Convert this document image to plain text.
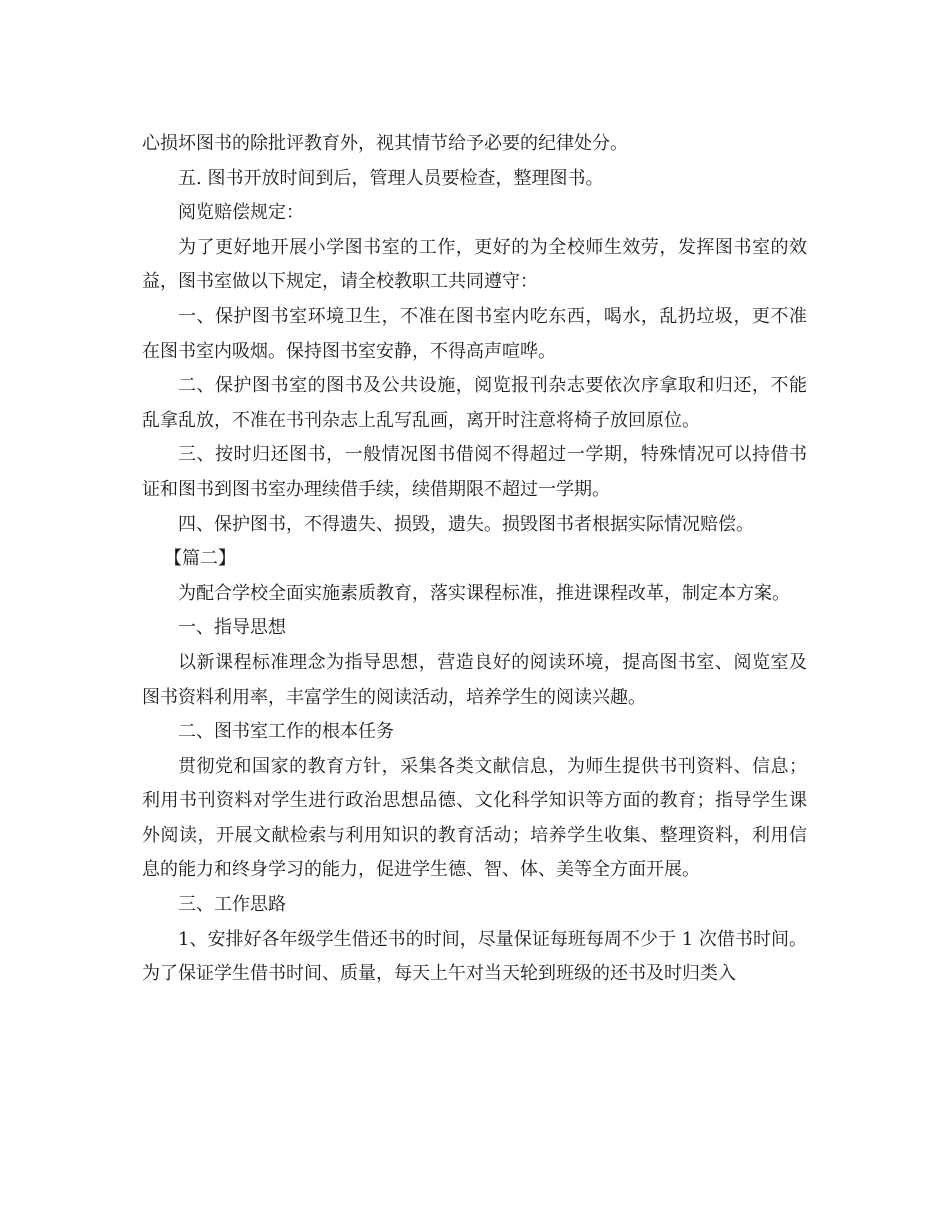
心损坏图书的除批评教育外，视其情节给予必要的纪律处分。

五. 图书开放时间到后，管理人员要检查，整理图书。

阅览赔偿规定：

为了更好地开展小学图书室的工作，更好的为全校师生效劳，发挥图书室的效益，图书室做以下规定，请全校教职工共同遵守：

一、保护图书室环境卫生，不准在图书室内吃东西，喝水，乱扔垃圾，更不准在图书室内吸烟。保持图书室安静，不得高声喧哗。

二、保护图书室的图书及公共设施，阅览报刊杂志要依次序拿取和归还，不能乱拿乱放，不准在书刊杂志上乱写乱画，离开时注意将椅子放回原位。

三、按时归还图书，一般情况图书借阅不得超过一学期，特殊情况可以持借书证和图书到图书室办理续借手续，续借期限不超过一学期。

四、保护图书，不得遗失、损毁，遗失。损毁图书者根据实际情况赔偿。

【篇二】

为配合学校全面实施素质教育，落实课程标准，推进课程改革，制定本方案。

一、指导思想

以新课程标准理念为指导思想，营造良好的阅读环境，提高图书室、阅览室及图书资料利用率，丰富学生的阅读活动，培养学生的阅读兴趣。

二、图书室工作的根本任务

贯彻党和国家的教育方针，采集各类文献信息，为师生提供书刊资料、信息；利用书刊资料对学生进行政治思想品德、文化科学知识等方面的教育；指导学生课外阅读，开展文献检索与利用知识的教育活动；培养学生收集、整理资料，利用信息的能力和终身学习的能力，促进学生德、智、体、美等全方面开展。

三、工作思路

1、安排好各年级学生借还书的时间，尽量保证每班每周不少于 1 次借书时间。为了保证学生借书时间、质量，每天上午对当天轮到班级的还书及时归类入
